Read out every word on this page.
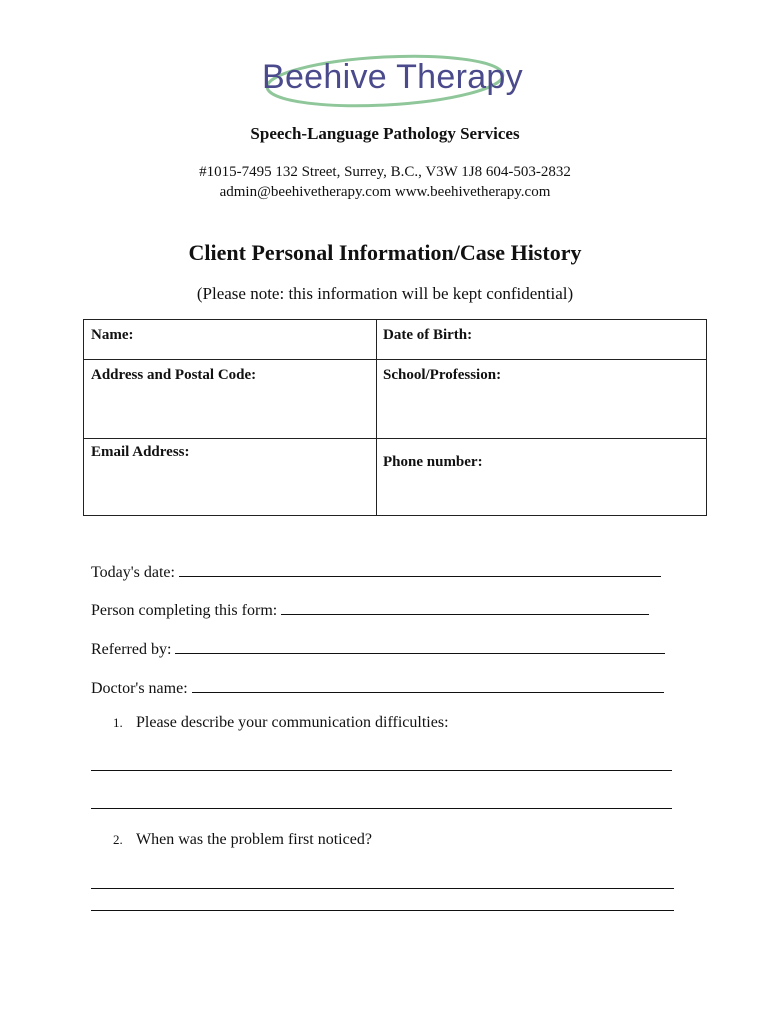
Beehive Therapy
Speech-Language Pathology Services
#1015-7495 132 Street, Surrey, B.C., V3W 1J8 604-503-2832
admin@beehivetherapy.com www.beehivetherapy.com
Client Personal Information/Case History
(Please note: this information will be kept confidential)
Name:	Date of Birth:
Address and Postal Code:	School/Profession:
Email Address:
Phone number:
Today's date:
Person completing this form:
Referred by:
Doctor's name:
1. Please describe your communication difficulties:
2. When was the problem first noticed?
